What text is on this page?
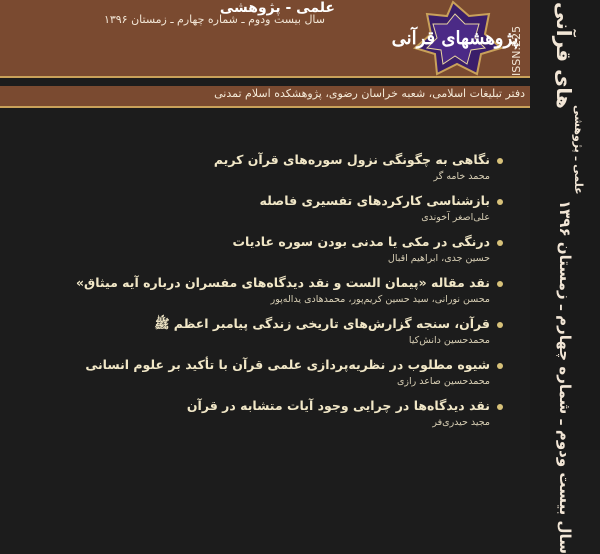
علمی - پژوهشی
سال بیست ودوم ـ شماره چهارم ـ زمستان ۱۳۹۶
پژوهشهای قرآنی
ISSN:225
دفتر تبلیغات اسلامی، شعبه خراسان رضوی، پژوهشکده اسلام تمدنی های قرآنی
علمی ـ پژوهشی
سال بیست ودوم ـ شماره چهارم ـ زمستان ۱۳۹۶
نگاهی به چگونگی نزول سوره‌های قرآن کریم
محمد خامه گر
بازشناسی کارکردهای تفسیری فاصله
علی‌اصغر آخوندی
درنگی در مکی یا مدنی بودن سوره عادیات
حسین جدی، ابراهیم اقبال
نقد مقاله «پیمان الست و نقد دیدگاه‌های مفسران درباره آیه میثاق»
محسن نورانی، سید حسین کریم‌پور، محمدهادی یداله‌پور
قرآن، سنجه گزارش‌های تاریخی زندگی پیامبر اعظم ﷺ
محمدحسین دانش‌کیا
شیوه مطلوب در نظریه‌پردازی علمی قرآن با تأکید بر علوم انسانی
محمدحسین صاعد رازی
نقد دیدگاه‌ها در چرایی وجود آیات متشابه در قرآن
مجید حیدری‌فر
